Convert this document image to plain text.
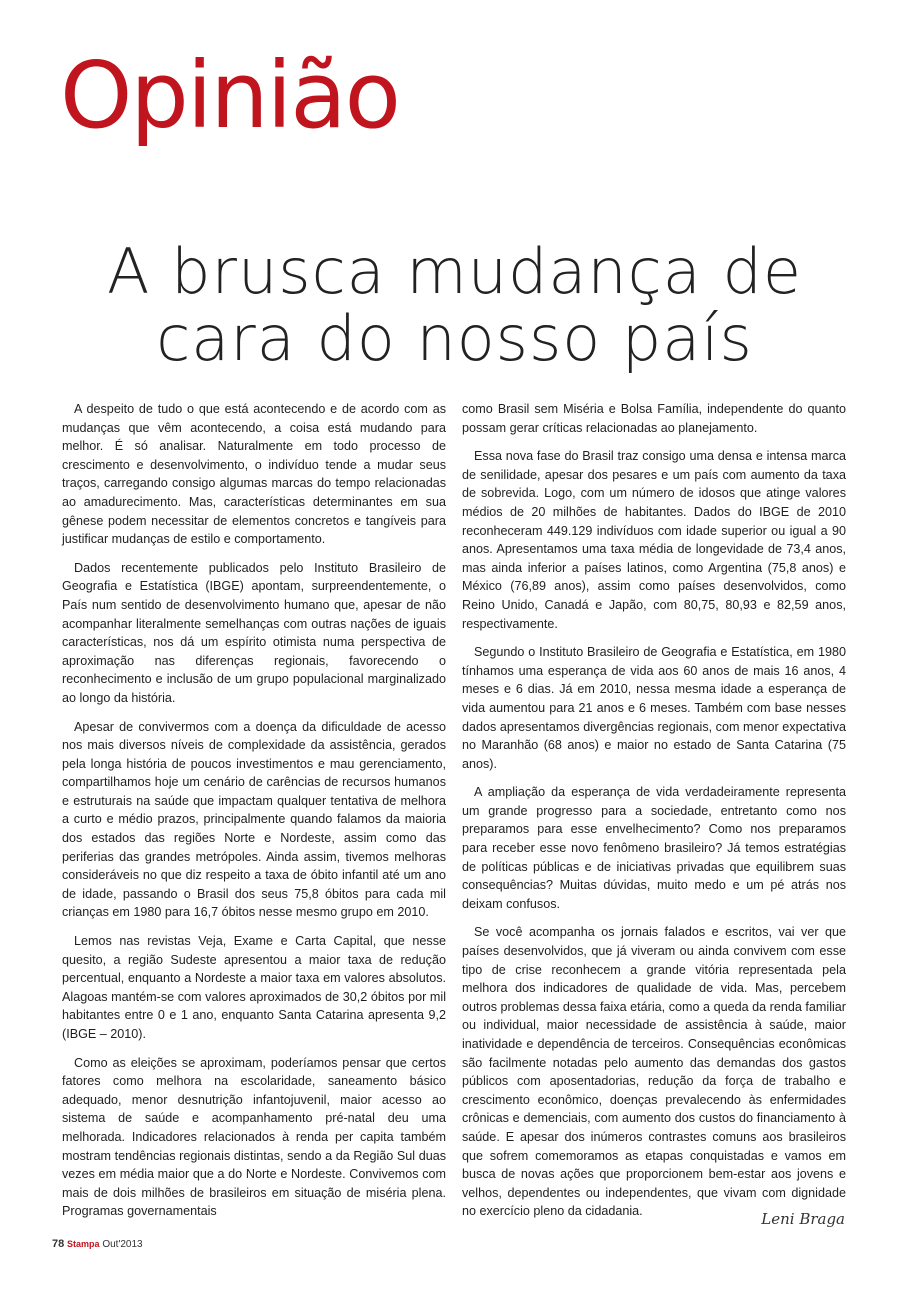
Opinião
A brusca mudança de
cara do nosso país

A despeito de tudo o que está acontecendo e de acordo com as mudanças que vêm acontecendo, a coisa está mudando para melhor. É só analisar. Naturalmente em todo processo de crescimento e desenvolvimento, o indivíduo tende a mudar seus traços, carregando consigo algumas marcas do tempo relacionadas ao amadurecimento. Mas, características determinantes em sua gênese podem necessitar de elementos concretos e tangíveis para justificar mudanças de estilo e comportamento.

Dados recentemente publicados pelo Instituto Brasileiro de Geografia e Estatística (IBGE) apontam, surpreendentemente, o País num sentido de desenvolvimento humano que, apesar de não acompanhar literalmente semelhanças com outras nações de iguais características, nos dá um espírito otimista numa perspectiva de aproximação nas diferenças regionais, favorecendo o reconhecimento e inclusão de um grupo populacional marginalizado ao longo da história.

Apesar de convivermos com a doença da dificuldade de acesso nos mais diversos níveis de complexidade da assistência, gerados pela longa história de poucos investimentos e mau gerenciamento, compartilhamos hoje um cenário de carências de recursos humanos e estruturais na saúde que impactam qualquer tentativa de melhora a curto e médio prazos, principalmente quando falamos da maioria dos estados das regiões Norte e Nordeste, assim como das periferias das grandes metrópoles. Ainda assim, tivemos melhoras consideráveis no que diz respeito a taxa de óbito infantil até um ano de idade, passando o Brasil dos seus 75,8 óbitos para cada mil crianças em 1980 para 16,7 óbitos nesse mesmo grupo em 2010.

Lemos nas revistas Veja, Exame e Carta Capital, que nesse quesito, a região Sudeste apresentou a maior taxa de redução percentual, enquanto a Nordeste a maior taxa em valores absolutos. Alagoas mantém-se com valores aproximados de 30,2 óbitos por mil habitantes entre 0 e 1 ano, enquanto Santa Catarina apresenta 9,2 (IBGE – 2010).

Como as eleições se aproximam, poderíamos pensar que certos fatores como melhora na escolaridade, saneamento básico adequado, menor desnutrição infantojuvenil, maior acesso ao sistema de saúde e acompanhamento pré-natal deu uma melhorada. Indicadores relacionados à renda per capita também mostram tendências regionais distintas, sendo a da Região Sul duas vezes em média maior que a do Norte e Nordeste. Convivemos com mais de dois milhões de brasileiros em situação de miséria plena. Programas governamentais

como Brasil sem Miséria e Bolsa Família, independente do quanto possam gerar críticas relacionadas ao planejamento.

Essa nova fase do Brasil traz consigo uma densa e intensa marca de senilidade, apesar dos pesares e um país com aumento da taxa de sobrevida. Logo, com um número de idosos que atinge valores médios de 20 milhões de habitantes. Dados do IBGE de 2010 reconheceram 449.129 indivíduos com idade superior ou igual a 90 anos. Apresentamos uma taxa média de longevidade de 73,4 anos, mas ainda inferior a países latinos, como Argentina (75,8 anos) e México (76,89 anos), assim como países desenvolvidos, como Reino Unido, Canadá e Japão, com 80,75, 80,93 e 82,59 anos, respectivamente.

Segundo o Instituto Brasileiro de Geografia e Estatística, em 1980 tínhamos uma esperança de vida aos 60 anos de mais 16 anos, 4 meses e 6 dias. Já em 2010, nessa mesma idade a esperança de vida aumentou para 21 anos e 6 meses. Também com base nesses dados apresentamos divergências regionais, com menor expectativa no Maranhão (68 anos) e maior no estado de Santa Catarina (75 anos).

A ampliação da esperança de vida verdadeiramente representa um grande progresso para a sociedade, entretanto como nos preparamos para esse envelhecimento? Como nos preparamos para receber esse novo fenômeno brasileiro? Já temos estratégias de políticas públicas e de iniciativas privadas que equilibrem suas consequências? Muitas dúvidas, muito medo e um pé atrás nos deixam confusos.

Se você acompanha os jornais falados e escritos, vai ver que países desenvolvidos, que já viveram ou ainda convivem com esse tipo de crise reconhecem a grande vitória representada pela melhora dos indicadores de qualidade de vida. Mas, percebem outros problemas dessa faixa etária, como a queda da renda familiar ou individual, maior necessidade de assistência à saúde, maior inatividade e dependência de terceiros. Consequências econômicas são facilmente notadas pelo aumento das demandas dos gastos públicos com aposentadorias, redução da força de trabalho e crescimento econômico, doenças prevalecendo às enfermidades crônicas e demenciais, com aumento dos custos do financiamento à saúde. E apesar dos inúmeros contrastes comuns aos brasileiros que sofrem comemoramos as etapas conquistadas e vamos em busca de novas ações que proporcionem bem-estar aos jovens e velhos, dependentes ou independentes, que vivam com dignidade no exercício pleno da cidadania.	Leni Braga

78 Stampa Out'2013
